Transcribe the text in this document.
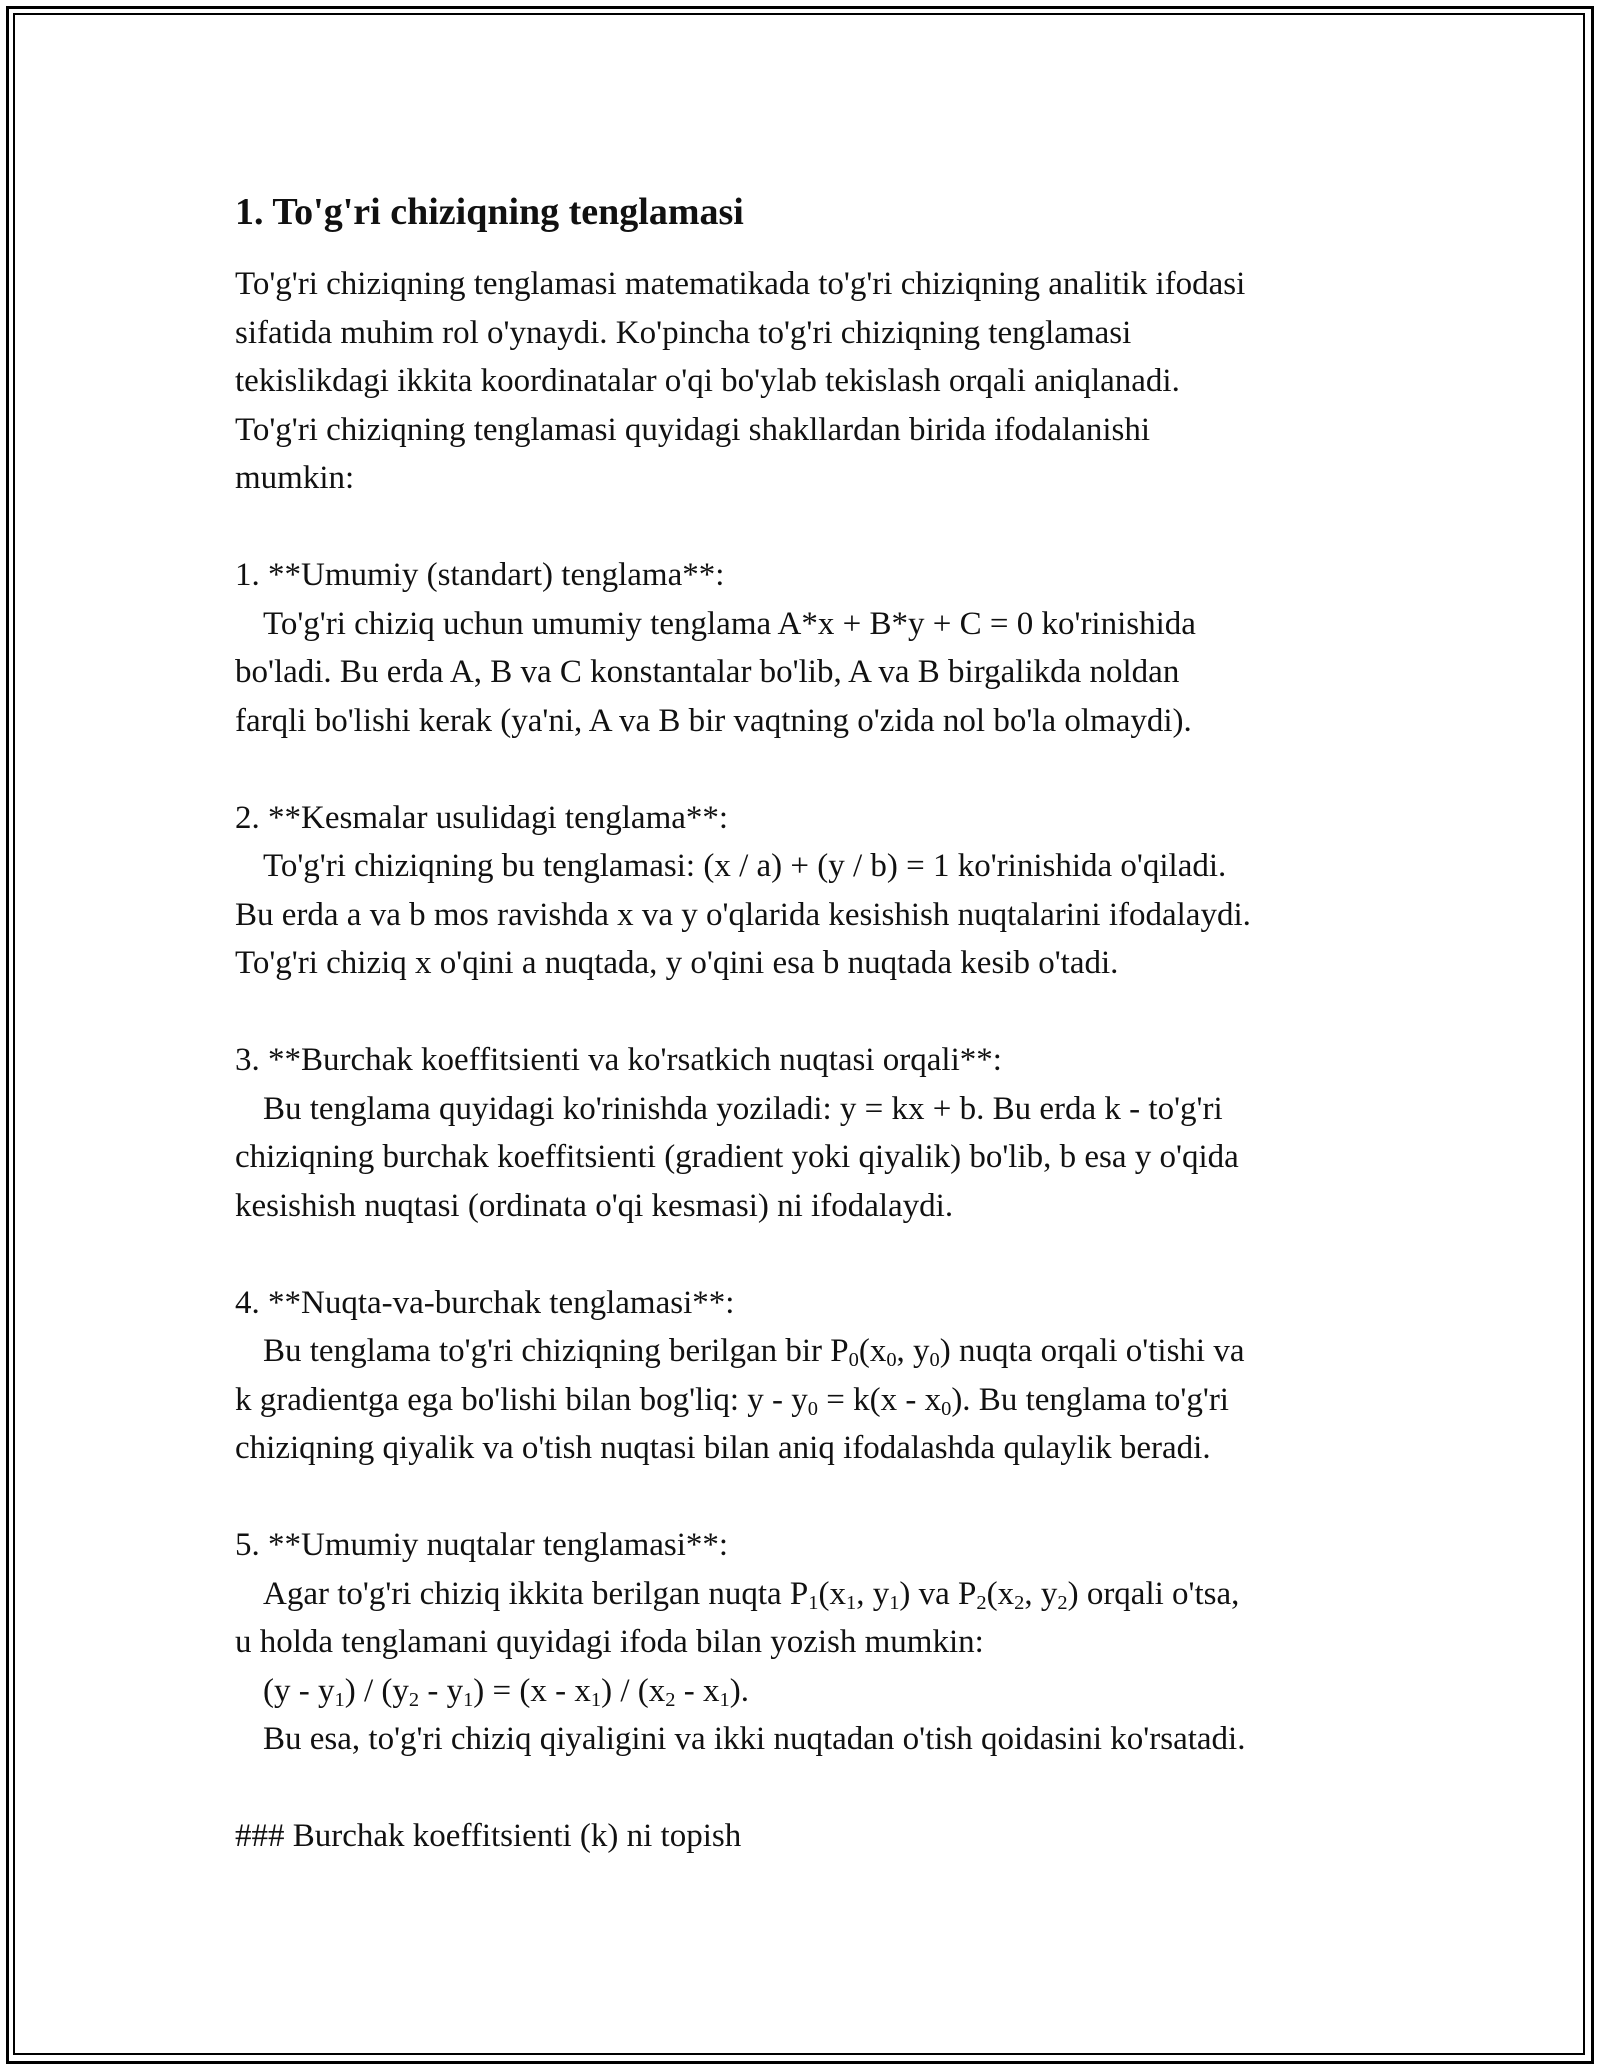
1. To'g'ri chiziqning tenglamasi
To'g'ri chiziqning tenglamasi matematikada to'g'ri chiziqning analitik ifodasi
sifatida muhim rol o'ynaydi. Ko'pincha to'g'ri chiziqning tenglamasi
tekislikdagi ikkita koordinatalar o'qi bo'ylab tekislash orqali aniqlanadi.
To'g'ri chiziqning tenglamasi quyidagi shakllardan birida ifodalanishi
mumkin:
1. **Umumiy (standart) tenglama**:
To'g'ri chiziq uchun umumiy tenglama A*x + B*y + C = 0 ko'rinishida
bo'ladi. Bu erda A, B va C konstantalar bo'lib, A va B birgalikda noldan
farqli bo'lishi kerak (ya'ni, A va B bir vaqtning o'zida nol bo'la olmaydi).
2. **Kesmalar usulidagi tenglama**:
To'g'ri chiziqning bu tenglamasi: (x / a) + (y / b) = 1 ko'rinishida o'qiladi.
Bu erda a va b mos ravishda x va y o'qlarida kesishish nuqtalarini ifodalaydi.
To'g'ri chiziq x o'qini a nuqtada, y o'qini esa b nuqtada kesib o'tadi.
3. **Burchak koeffitsienti va ko'rsatkich nuqtasi orqali**:
Bu tenglama quyidagi ko'rinishda yoziladi: y = kx + b. Bu erda k - to'g'ri
chiziqning burchak koeffitsienti (gradient yoki qiyalik) bo'lib, b esa y o'qida
kesishish nuqtasi (ordinata o'qi kesmasi) ni ifodalaydi.
4. **Nuqta-va-burchak tenglamasi**:
Bu tenglama to'g'ri chiziqning berilgan bir $P_0(x_0$, $y_0$) nuqta orqali o'tishi va
k gradientga ega bo'lishi bilan bog'liq: $y - y_0 = k(x - x_0)$. Bu tenglama to'g'ri
chiziqning qiyalik va o'tish nuqtasi bilan aniq ifodalashda qulaylik beradi.
5. **Umumiy nuqtalar tenglamasi**:
Agar to'g'ri chiziq ikkita berilgan nuqta $P_1(x_1$, $y_1$) va $P_2(x_2$, $y_2$) orqali o'tsa,
u holda tenglamani quyidagi ifoda bilan yozish mumkin:
$(y - y_1) / (y_2 - y_1) = (x - x_1) / (x_2 - x_1)$.
Bu esa, to'g'ri chiziq qiyaligini va ikki nuqtadan o'tish qoidasini ko'rsatadi.
### Burchak koeffitsienti (k) ni topish
